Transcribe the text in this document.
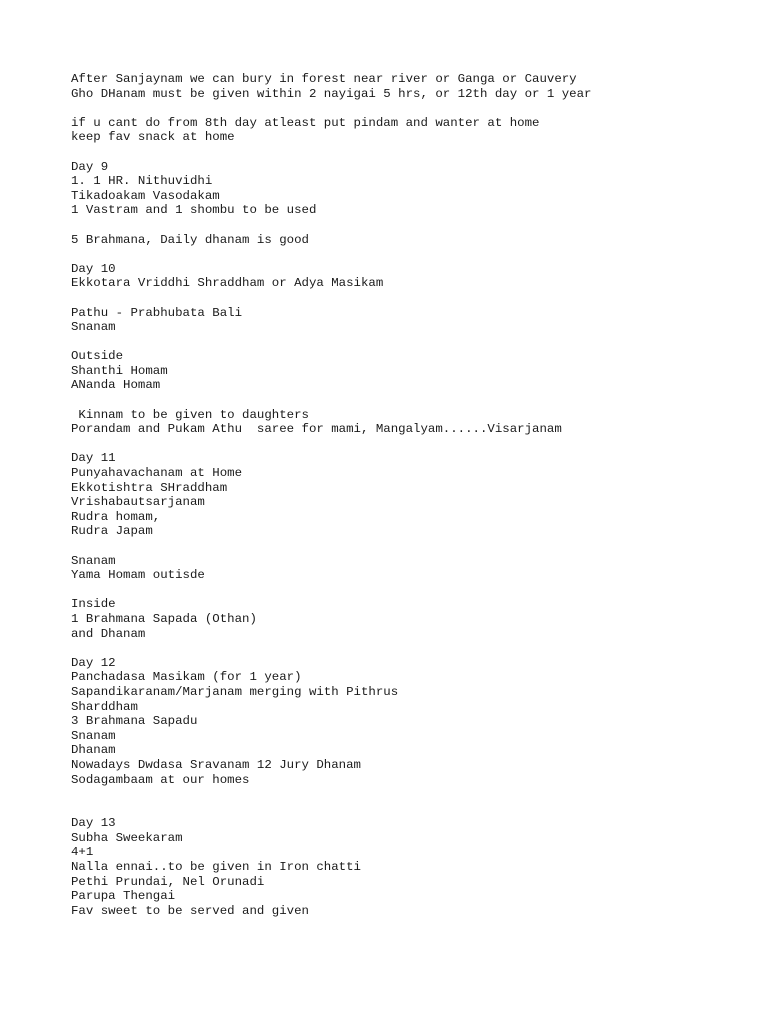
After Sanjaynam we can bury in forest near river or Ganga or Cauvery
Gho DHanam must be given within 2 nayigai 5 hrs, or 12th day or 1 year
if u cant do from 8th day atleast put pindam and wanter at home
keep fav snack at home
Day 9
1. 1 HR. Nithuvidhi
Tikadoakam Vasodakam
1 Vastram and 1 shombu to be used
5 Brahmana, Daily dhanam is good
Day 10
Ekkotara Vriddhi Shraddham or Adya Masikam
Pathu - Prabhubata Bali
Snanam
Outside
Shanthi Homam
ANanda Homam
Kinnam to be given to daughters
Porandam and Pukam Athu  saree for mami, Mangalyam......Visarjanam
Day 11
Punyahavachanam at Home
Ekkotishtra SHraddham
Vrishabautsarjanam
Rudra homam,
Rudra Japam
Snanam
Yama Homam outisde
Inside
1 Brahmana Sapada (Othan)
and Dhanam
Day 12
Panchadasa Masikam (for 1 year)
Sapandikaranam/Marjanam merging with Pithrus
Sharddham
3 Brahmana Sapadu
Snanam
Dhanam
Nowadays Dwdasa Sravanam 12 Jury Dhanam
Sodagambaam at our homes
Day 13
Subha Sweekaram
4+1
Nalla ennai..to be given in Iron chatti
Pethi Prundai, Nel Orunadi
Parupa Thengai
Fav sweet to be served and given
